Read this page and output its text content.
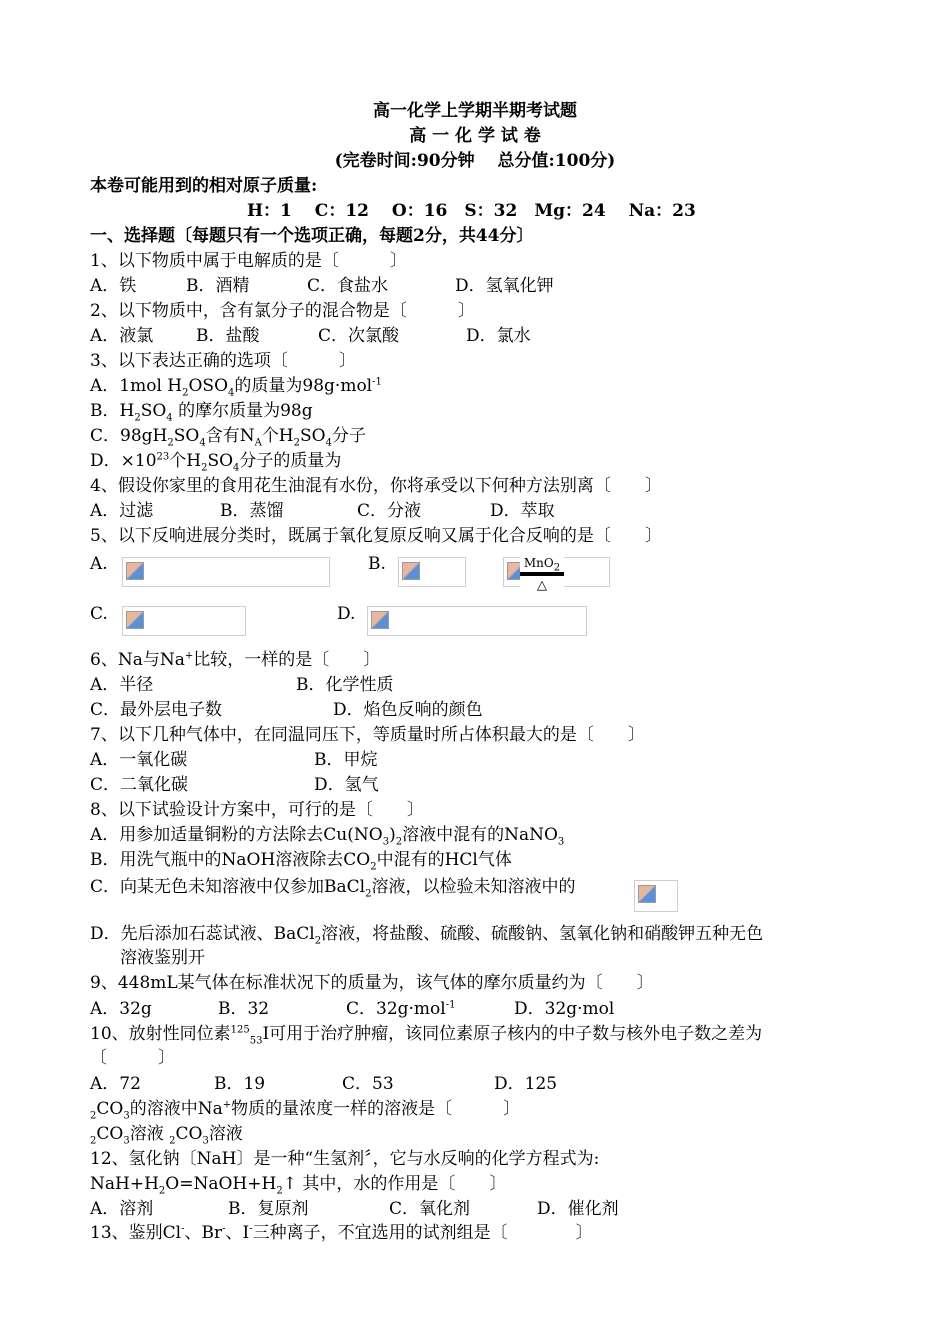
高一化学上学期半期考试题
高 一 化 学 试 卷
(完卷时间:90分钟　 总分值:100分)
本卷可能用到的相对原子质量:
H：1　 C：12　 O：16　S：32　Mg：24　 Na：23
一、选择题〔每题只有一个选项正确，每题2分，共44分〕
1、以下物质中属于电解质的是〔　　　〕
A．铁	B．酒精	C．食盐水	D．氢氧化钾
2、以下物质中，含有氯分子的混合物是〔　　　〕
A．液氯	B．盐酸	C．次氯酸	D．氯水
3、以下表达正确的选项〔　　　〕
A．1mol $H_2OSO_4$的质量为98g·mol$^{-1}$
B．$H_2SO_4$ 的摩尔质量为98g
C．$98gH_2SO_4$含有$N_A$个$H_2SO_4$分子
D．$\times 10^{23}$个$H_2SO_4$分子的质量为
4、假设你家里的食用花生油混有水份，你将承受以下何种方法别离〔　　〕
A．过滤	B．蒸馏	C．分液	D．萃取
5、以下反响进展分类时，既属于氧化复原反响又属于化合反响的是〔　　〕
A.	B.	MnO$_2$
△
C.	D.
6、Na与Na+比较，一样的是〔　　〕
A．半径	B．化学性质
C．最外层电子数	D．焰色反响的颜色
7、以下几种气体中，在同温同压下，等质量时所占体积最大的是〔　　〕
A．一氧化碳	B．甲烷
C．二氧化碳	D．氢气
8、以下试验设计方案中，可行的是〔　　〕
A．用参加适量铜粉的方法除去$Cu(NO_3)_2$溶液中混有的NaNO$_3$
B．用洗气瓶中的NaOH溶液除去$CO_2$中混有的HCl气体
C．向某无色未知溶液中仅参加BaCl$_2$溶液，以检验未知溶液中的
D．先后添加石蕊试液、BaCl$_2$溶液，将盐酸、硫酸、硫酸钠、氢氧化钠和硝酸钾五种无色
溶液鉴别开
9、448mL某气体在标准状况下的质量为，该气体的摩尔质量约为〔　　〕
A．32g	B．32	C．32g·mol$^{-1}$	D．32g·mol
10、放射性同位素$^{125}_{53}$I可用于治疗肿瘤，该同位素原子核内的中子数与核外电子数之差为
〔　　　〕
A．72	B．19	C．53	D．125
$_2CO_3$的溶液中Na+物质的量浓度一样的溶液是〔　　　〕
$_2CO_3$溶液 $_2CO_3$溶液
12、氢化钠〔NaH〕是一种“生氢剂〞，它与水反响的化学方程式为:
$NaH+H_2O=NaOH+H_2↑$ 其中，水的作用是〔　　〕
A．溶剂	B．复原剂	C．氧化剂	D．催化剂
13、鉴别Cl-、Br-、I-三种离子，不宜选用的试剂组是〔　　　　〕
